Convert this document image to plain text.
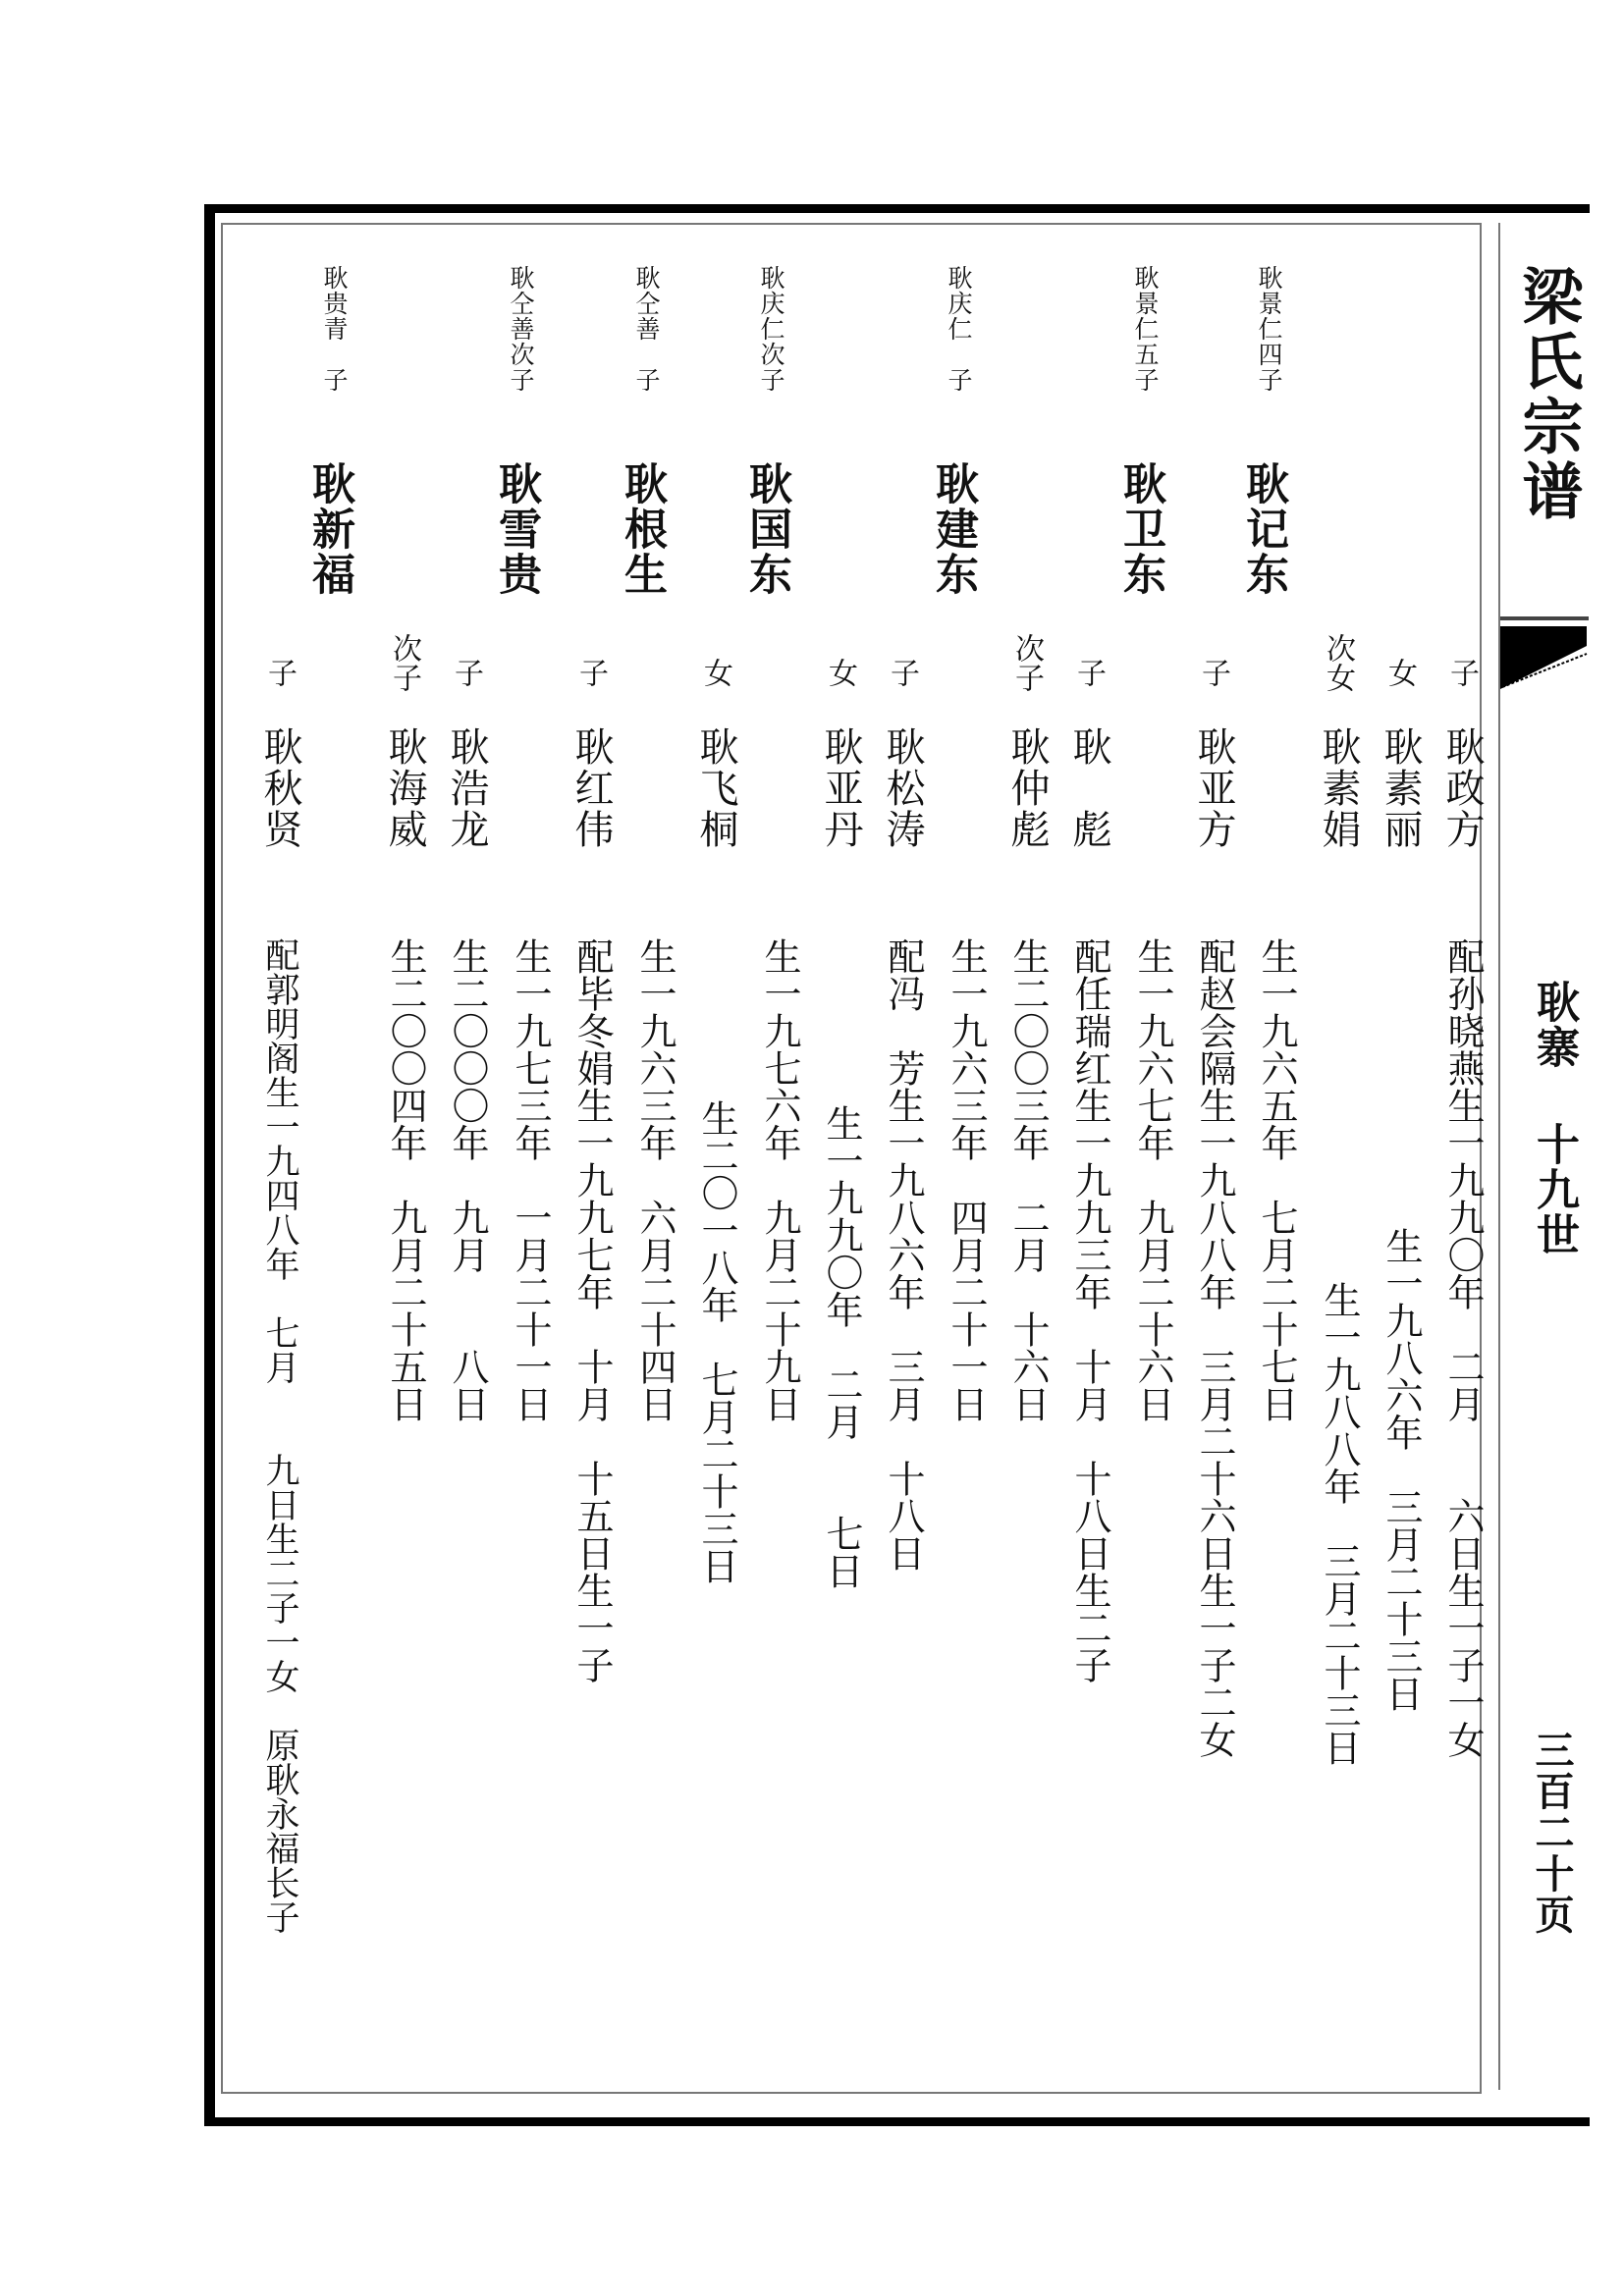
梁氏宗谱
耿寨 十九世
三百二十页
耿景仁四子
耿记东
耿景仁五子
耿卫东
耿庆仁　子
耿建东
耿庆仁次子
耿国东
耿仝善　子
耿根生
耿仝善次子
耿雪贵
耿贵青　子
耿新福
子
耿政方
配孙晓燕生一九九〇年　二月　　六日生一子一女
女
耿素丽
生一九八六年　三月二十三日
次女
耿素娟
生一九八八年　三月二十三日
子
耿亚方
生一九六五年　七月二十七日
配赵会隔生一九八八年　三月二十六日生一子二女
子
耿　彪
生一九六七年　九月二十六日
次子
耿仲彪
配任瑞红生一九九三年　十月　十八日生二子
生二〇〇三年　二月　十六日
子
耿松涛
生一九六三年　四月二十一日
配冯　芳生一九八六年　三月　十八日
女
耿亚丹
生一九九〇年　二月　　七日
生一九七六年　九月二十九日
女
耿飞桐
生二〇一八年　七月二十三日
生一九六三年　六月二十四日
子
耿红伟
配毕冬娟生一九九七年　十月　十五日生一子
生一九七三年　一月二十一日
子
耿浩龙
生二〇〇〇年　九月　　八日
次子
耿海威
生二〇〇四年　九月二十五日
子
耿秋贤
配郭明阁生一九四八年　七月　　九日生二子一女　原耿永福长子
